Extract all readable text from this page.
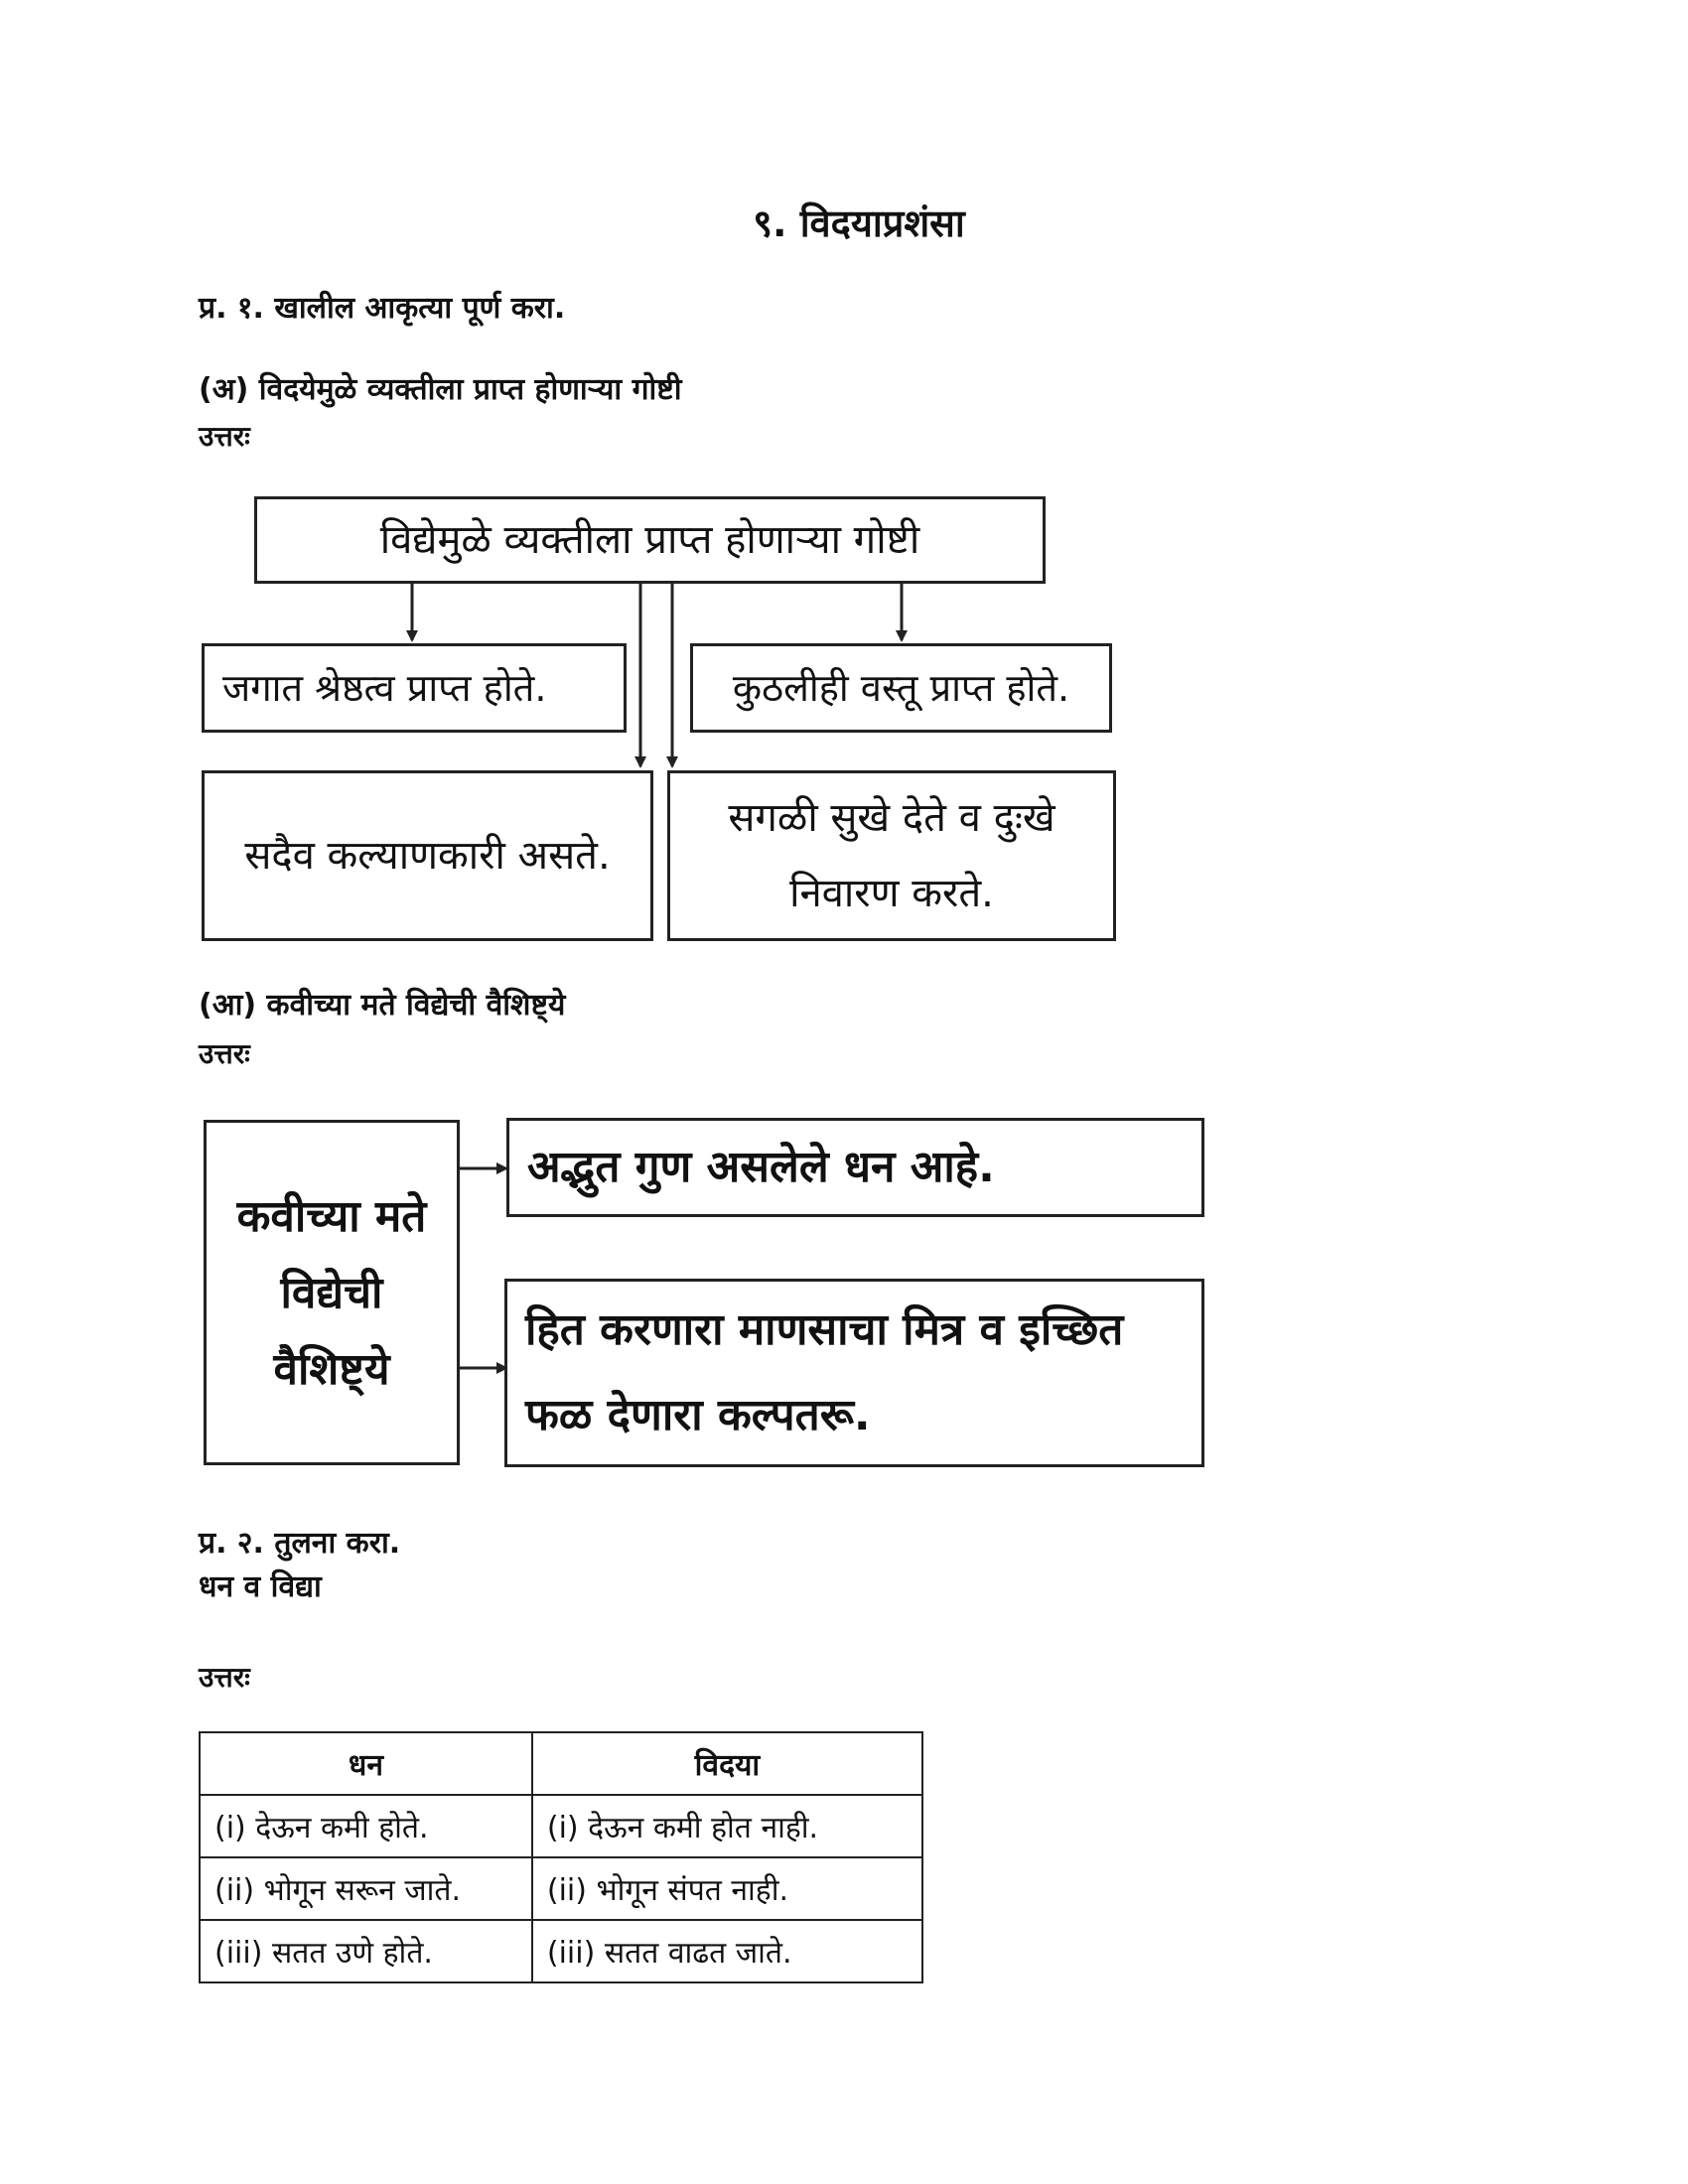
९. विदयाप्रशंसा
प्र. १. खालील आकृत्या पूर्ण करा.
(अ) विदयेमुळे व्यक्तीला प्राप्त होणाऱ्या गोष्टी
उत्तरः
विद्येमुळे व्यक्तीला प्राप्त होणाऱ्या गोष्टी
जगात श्रेष्ठत्व प्राप्त होते.	कुठलीही वस्तू प्राप्त होते.
सदैव कल्याणकारी असते.
सगळी सुखे देते व दुःखे निवारण करते.
(आ) कवीच्या मते विद्येची वैशिष्ट्ये
उत्तरः
कवीच्या मते विद्येची वैशिष्ट्ये
अद्भुत गुण असलेले धन आहे.
हित करणारा माणसाचा मित्र व इच्छित फळ देणारा कल्पतरू.
प्र. २. तुलना करा.
धन व विद्या
उत्तरः
धन	विदया
(i) देऊन कमी होते.	(i) देऊन कमी होत नाही.
(ii) भोगून सरून जाते.	(ii) भोगून संपत नाही.
(iii) सतत उणे होते.	(iii) सतत वाढत जाते.
